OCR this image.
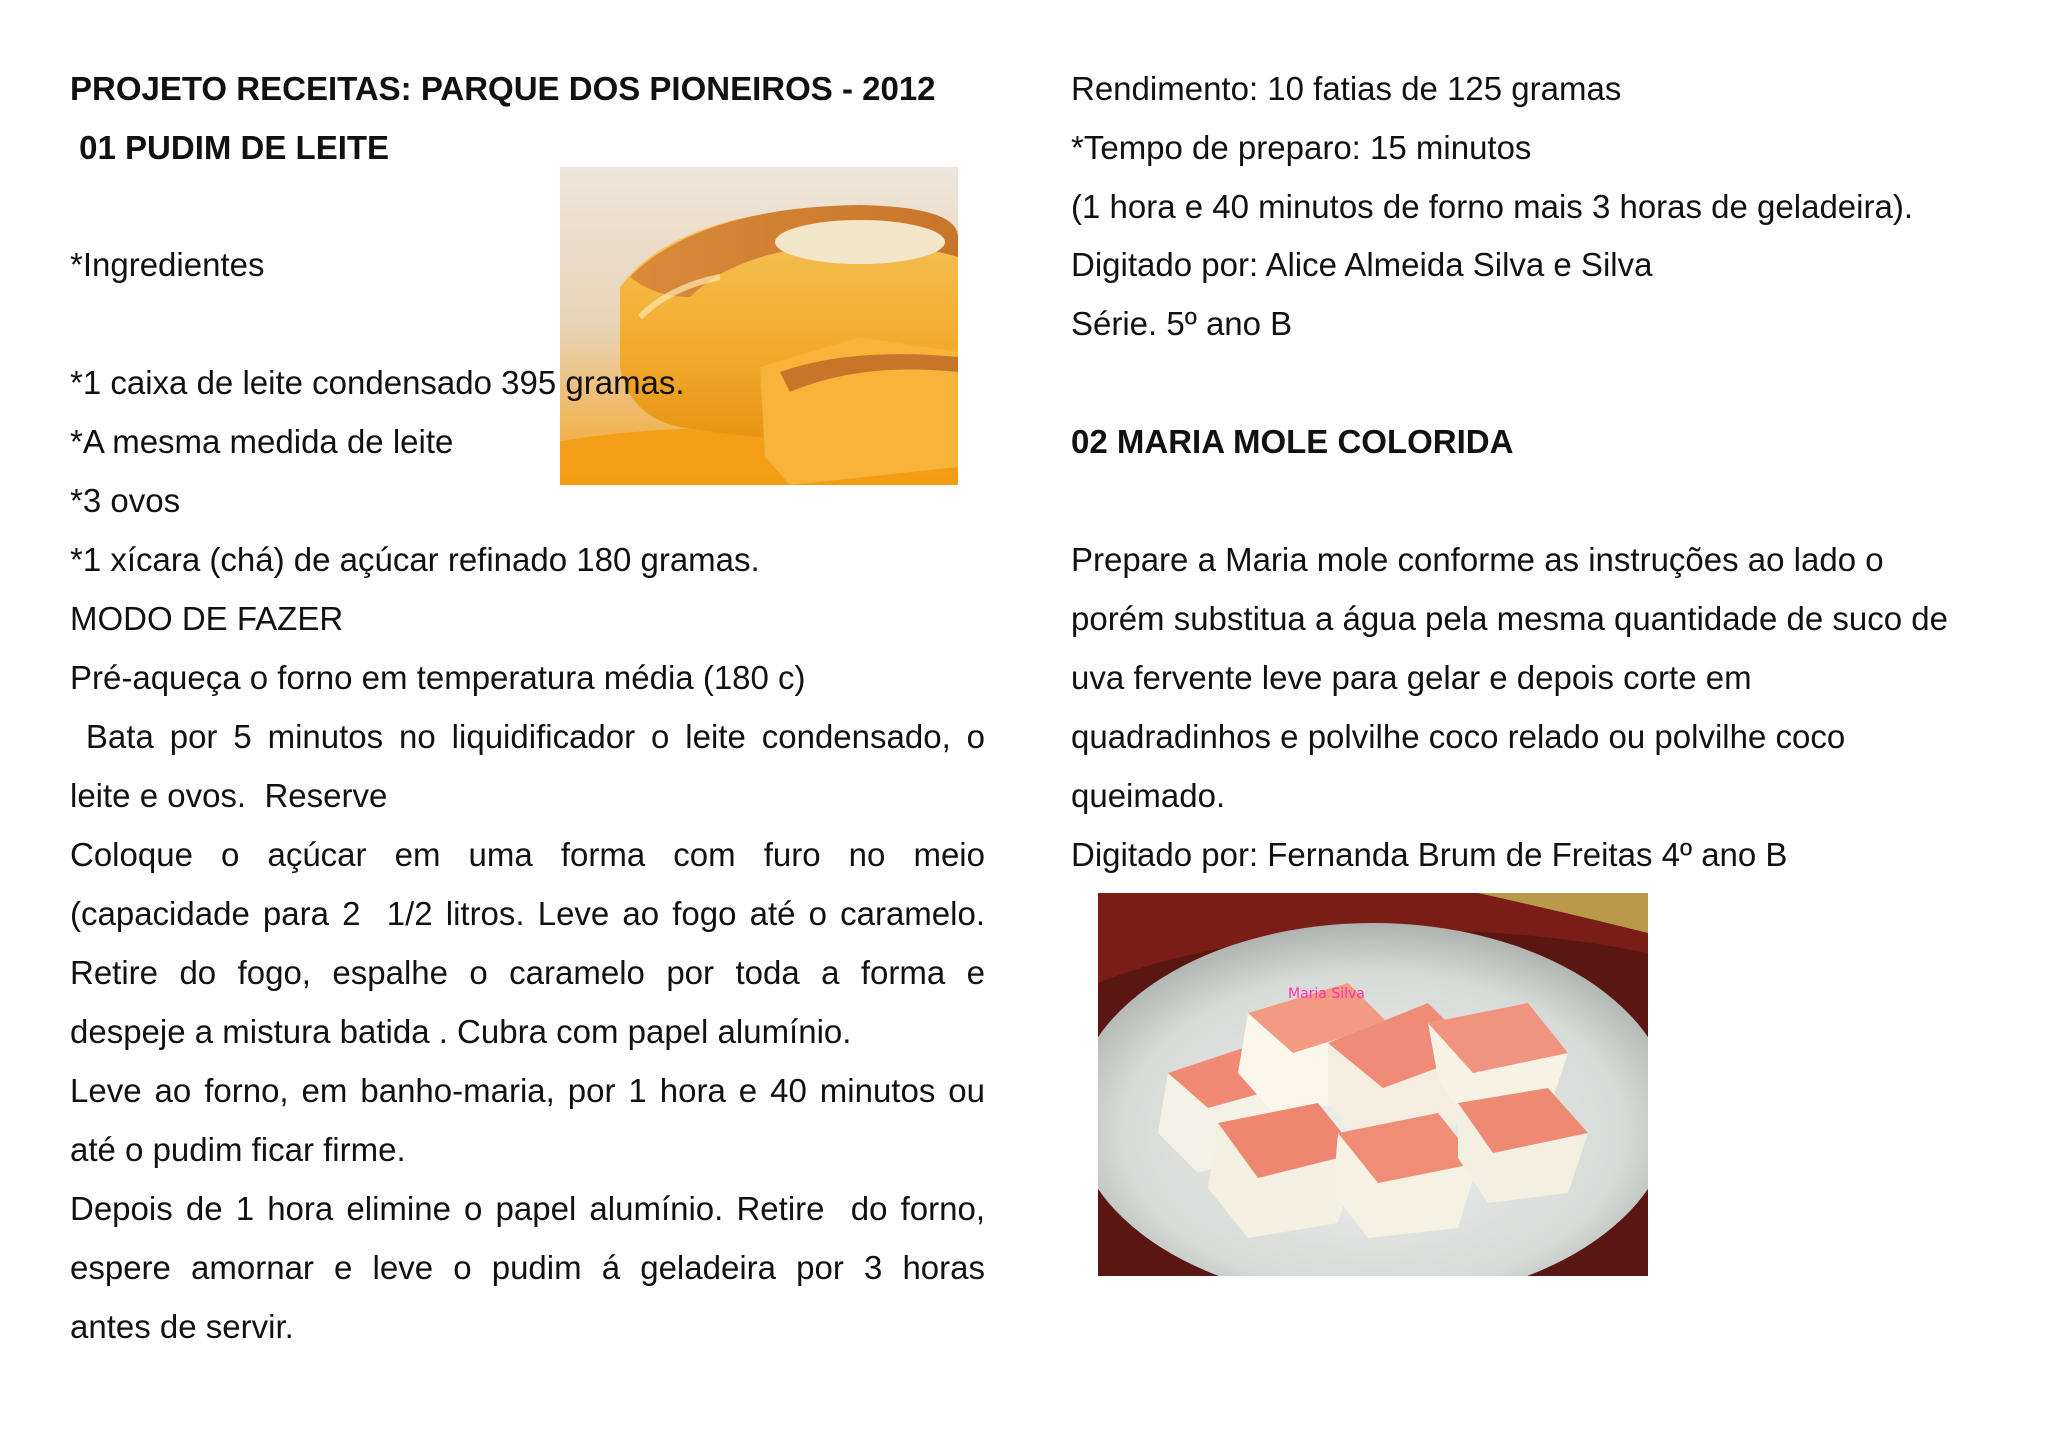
Maria Silva

PROJETO RECEITAS: PARQUE DOS PIONEIROS - 2012

01 PUDIM DE LEITE

*Ingredientes

*1 caixa de leite condensado 395 gramas.

*A mesma medida de leite

*3 ovos

*1 xícara (chá) de açúcar refinado 180 gramas.

MODO DE FAZER

Pré-aqueça o forno em temperatura média (180 c)

Bata por 5 minutos no liquidificador o leite condensado, o

leite e ovos.  Reserve

Coloque o açúcar em uma forma com furo no meio

(capacidade para 2  1/2 litros. Leve ao fogo até o caramelo.

Retire do fogo, espalhe o caramelo por toda a forma e

despeje a mistura batida . Cubra com papel alumínio.

Leve ao forno, em banho-maria, por 1 hora e 40 minutos ou

até o pudim ficar firme.

Depois de 1 hora elimine o papel alumínio. Retire  do forno,

espere amornar e leve o pudim á geladeira por 3 horas

antes de servir.

Rendimento: 10 fatias de 125 gramas

*Tempo de preparo: 15 minutos

(1 hora e 40 minutos de forno mais 3 horas de geladeira).

Digitado por: Alice Almeida Silva e Silva

Série. 5º ano B

02 MARIA MOLE COLORIDA

Prepare a Maria mole conforme as instruções ao lado o

porém substitua a água pela mesma quantidade de suco de

uva fervente leve para gelar e depois corte em

quadradinhos e polvilhe coco relado ou polvilhe coco

queimado.

Digitado por: Fernanda Brum de Freitas 4º ano B
